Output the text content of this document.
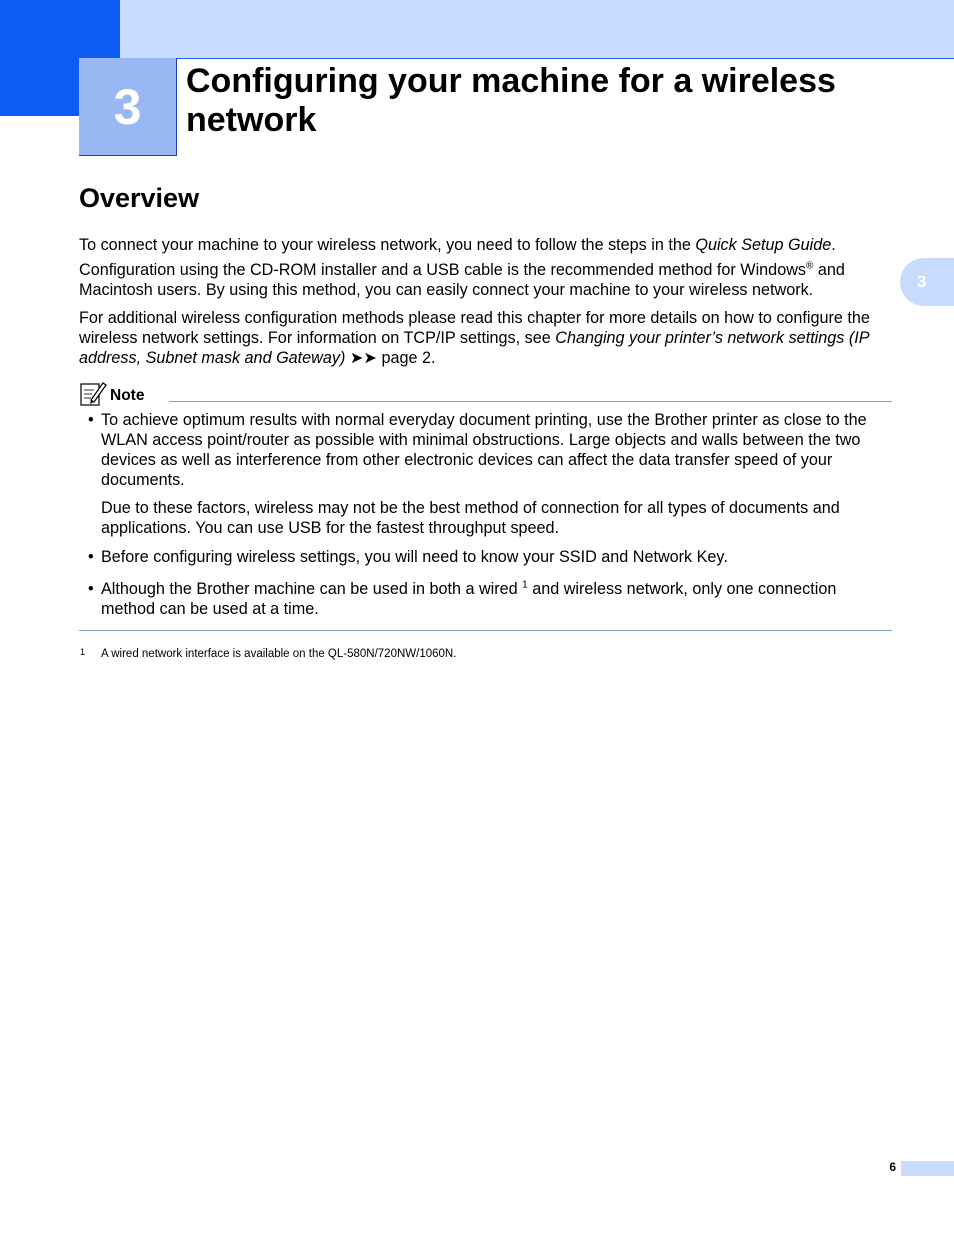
3	Configuring your machine for a wireless network
3
Overview
To connect your machine to your wireless network, you need to follow the steps in the Quick Setup Guide.
Configuration using the CD-ROM installer and a USB cable is the recommended method for Windows® and Macintosh users. By using this method, you can easily connect your machine to your wireless network.
For additional wireless configuration methods please read this chapter for more details on how to configure the wireless network settings. For information on TCP/IP settings, see Changing your printer’s network settings (IP address, Subnet mask and Gateway) ➤➤ page 2.
Note
• To achieve optimum results with normal everyday document printing, use the Brother printer as close to the WLAN access point/router as possible with minimal obstructions. Large objects and walls between the two devices as well as interference from other electronic devices can affect the data transfer speed of your documents.
Due to these factors, wireless may not be the best method of connection for all types of documents and applications. You can use USB for the fastest throughput speed.
• Before configuring wireless settings, you will need to know your SSID and Network Key.
• Although the Brother machine can be used in both a wired $^1$ and wireless network, only one connection method can be used at a time.
1 A wired network interface is available on the QL-580N/720NW/1060N.
6
